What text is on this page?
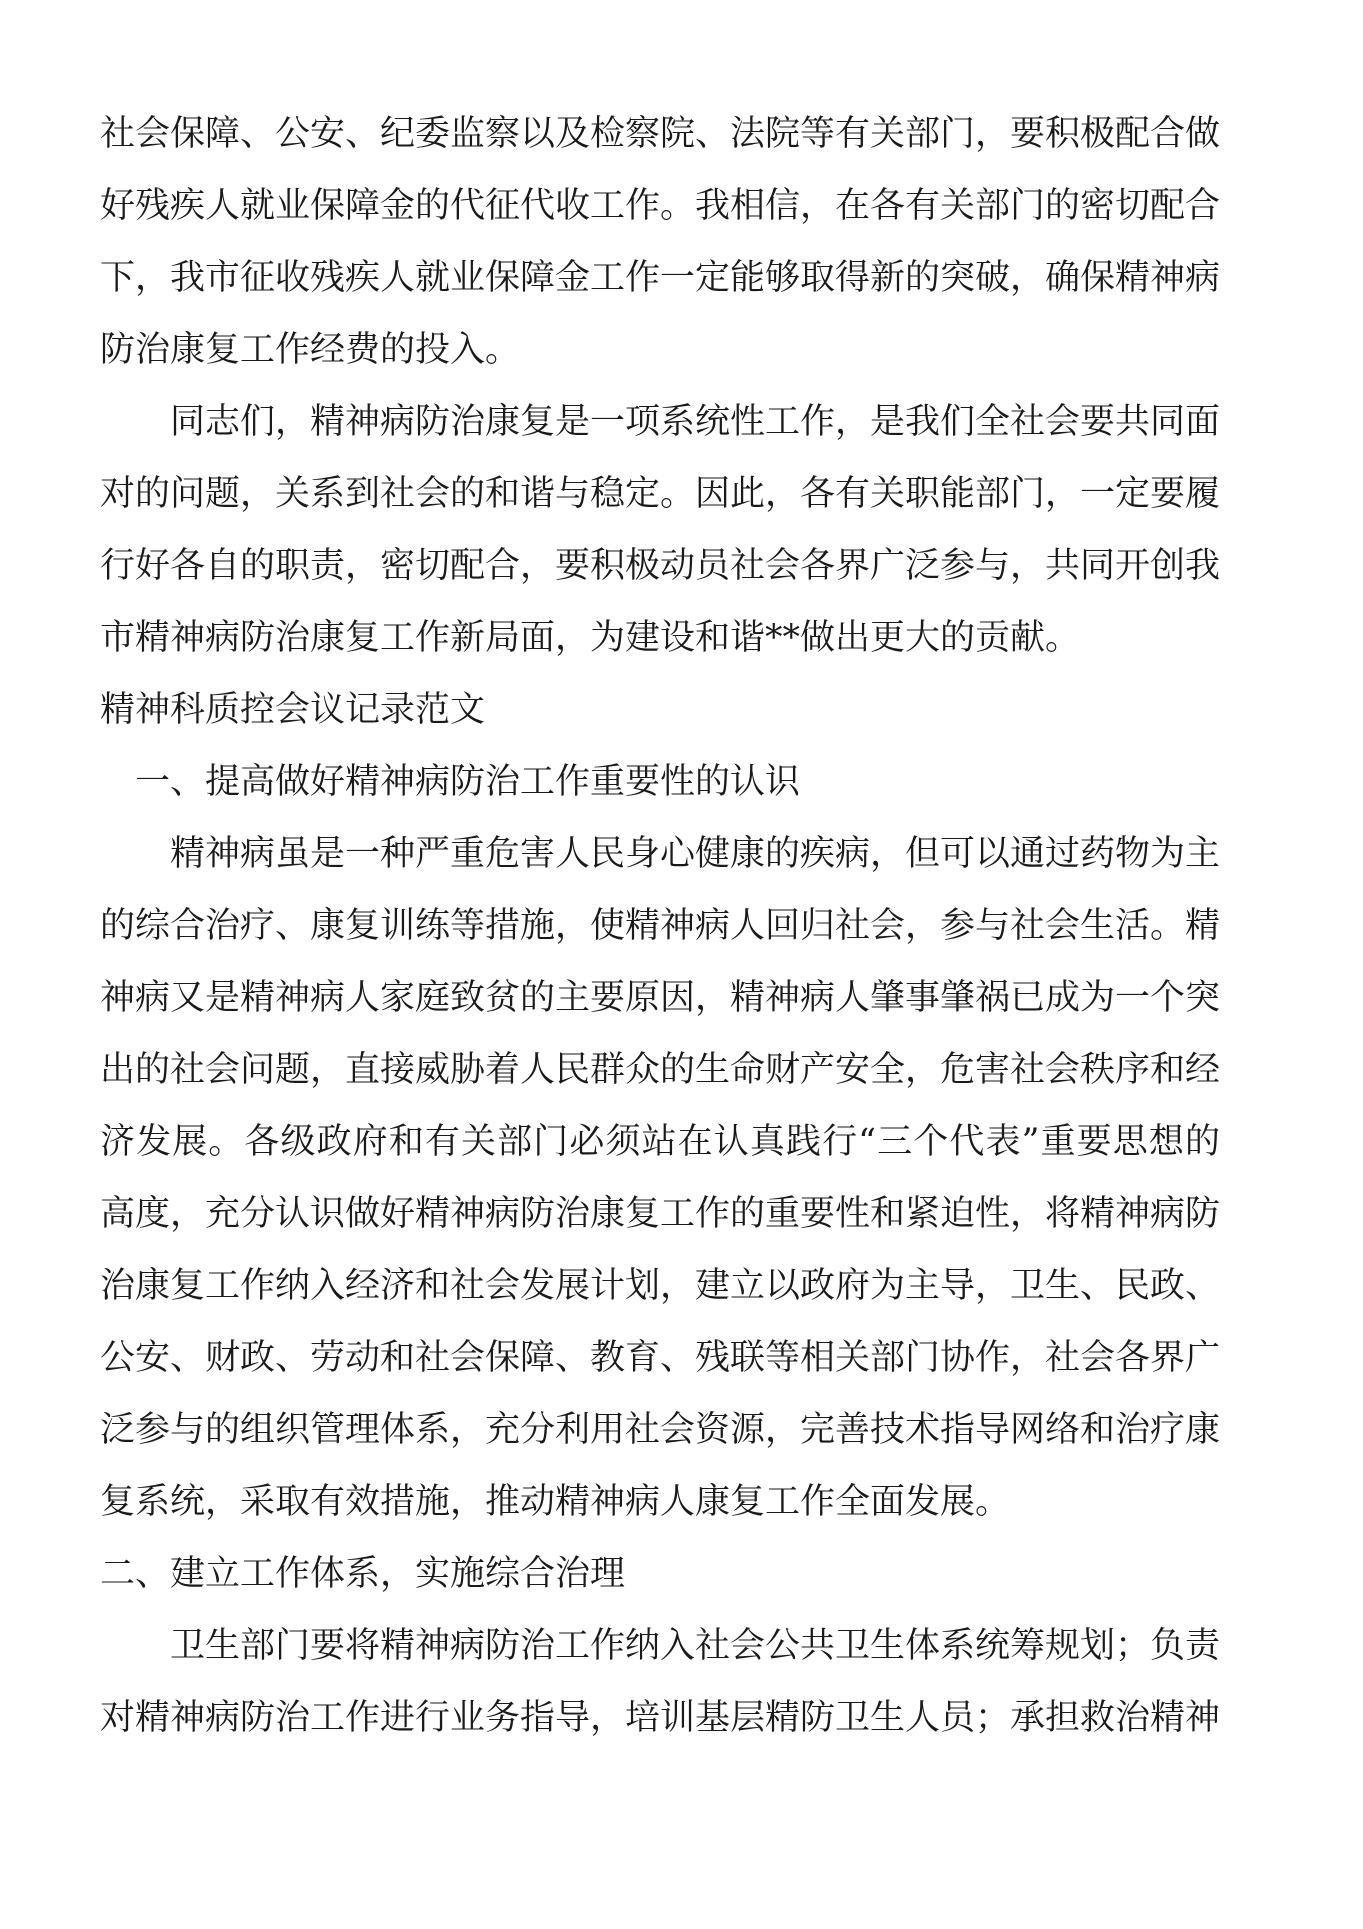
社会保障、公安、纪委监察以及检察院、法院等有关部门，要积极配合做
好残疾人就业保障金的代征代收工作。我相信，在各有关部门的密切配合
下，我市征收残疾人就业保障金工作一定能够取得新的突破，确保精神病
防治康复工作经费的投入。
同志们，精神病防治康复是一项系统性工作，是我们全社会要共同面
对的问题，关系到社会的和谐与稳定。因此，各有关职能部门，一定要履
行好各自的职责，密切配合，要积极动员社会各界广泛参与，共同开创我
市精神病防治康复工作新局面，为建设和谐**做出更大的贡献。
精神科质控会议记录范文
一、提高做好精神病防治工作重要性的认识
精神病虽是一种严重危害人民身心健康的疾病，但可以通过药物为主
的综合治疗、康复训练等措施，使精神病人回归社会，参与社会生活。精
神病又是精神病人家庭致贫的主要原因，精神病人肇事肇祸已成为一个突
出的社会问题，直接威胁着人民群众的生命财产安全，危害社会秩序和经
济发展。各级政府和有关部门必须站在认真践行“三个代表”重要思想的
高度，充分认识做好精神病防治康复工作的重要性和紧迫性，将精神病防
治康复工作纳入经济和社会发展计划，建立以政府为主导，卫生、民政、
公安、财政、劳动和社会保障、教育、残联等相关部门协作，社会各界广
泛参与的组织管理体系，充分利用社会资源，完善技术指导网络和治疗康
复系统，采取有效措施，推动精神病人康复工作全面发展。
二、建立工作体系，实施综合治理
卫生部门要将精神病防治工作纳入社会公共卫生体系统筹规划；负责
对精神病防治工作进行业务指导，培训基层精防卫生人员；承担救治精神
